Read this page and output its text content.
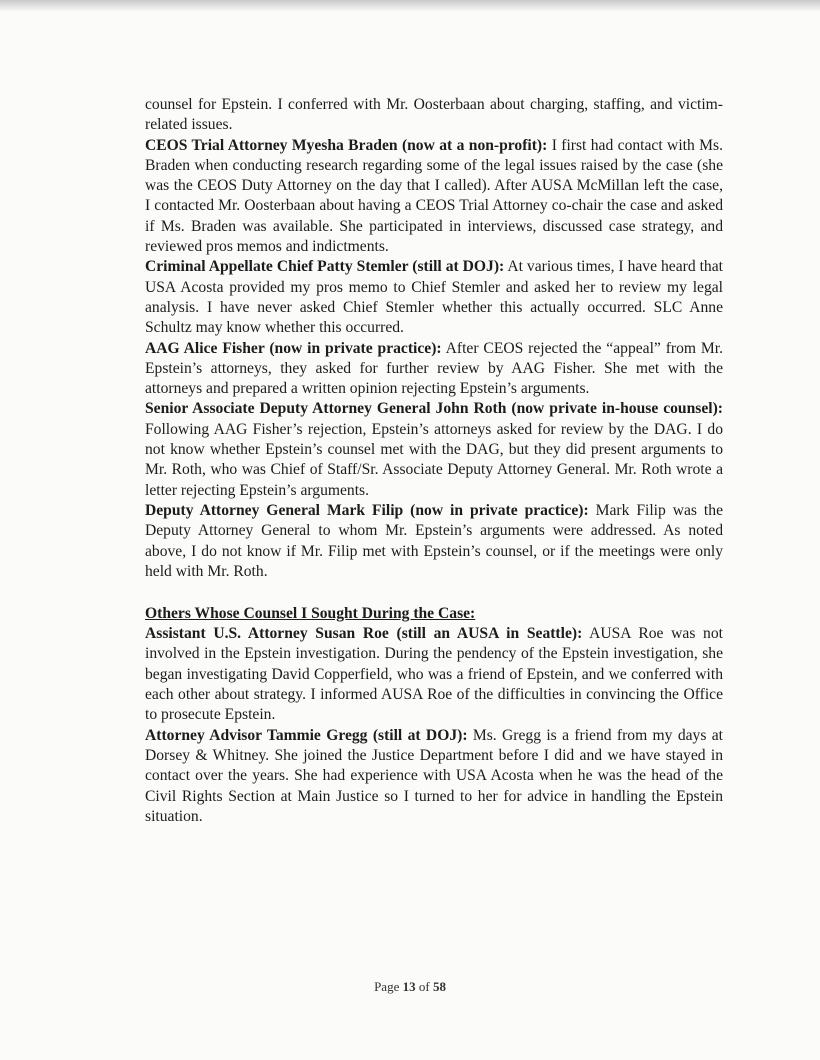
counsel for Epstein. I conferred with Mr. Oosterbaan about charging, staffing, and victim-related issues.

CEOS Trial Attorney Myesha Braden (now at a non-profit): I first had contact with Ms. Braden when conducting research regarding some of the legal issues raised by the case (she was the CEOS Duty Attorney on the day that I called). After AUSA McMillan left the case, I contacted Mr. Oosterbaan about having a CEOS Trial Attorney co-chair the case and asked if Ms. Braden was available. She participated in interviews, discussed case strategy, and reviewed pros memos and indictments.

Criminal Appellate Chief Patty Stemler (still at DOJ): At various times, I have heard that USA Acosta provided my pros memo to Chief Stemler and asked her to review my legal analysis. I have never asked Chief Stemler whether this actually occurred. SLC Anne Schultz may know whether this occurred.

AAG Alice Fisher (now in private practice): After CEOS rejected the “appeal” from Mr. Epstein’s attorneys, they asked for further review by AAG Fisher. She met with the attorneys and prepared a written opinion rejecting Epstein’s arguments.

Senior Associate Deputy Attorney General John Roth (now private in-house counsel): Following AAG Fisher’s rejection, Epstein’s attorneys asked for review by the DAG. I do not know whether Epstein’s counsel met with the DAG, but they did present arguments to Mr. Roth, who was Chief of Staff/Sr. Associate Deputy Attorney General. Mr. Roth wrote a letter rejecting Epstein’s arguments.

Deputy Attorney General Mark Filip (now in private practice): Mark Filip was the Deputy Attorney General to whom Mr. Epstein’s arguments were addressed. As noted above, I do not know if Mr. Filip met with Epstein’s counsel, or if the meetings were only held with Mr. Roth.

Others Whose Counsel I Sought During the Case:

Assistant U.S. Attorney Susan Roe (still an AUSA in Seattle): AUSA Roe was not involved in the Epstein investigation. During the pendency of the Epstein investigation, she began investigating David Copperfield, who was a friend of Epstein, and we conferred with each other about strategy. I informed AUSA Roe of the difficulties in convincing the Office to prosecute Epstein.

Attorney Advisor Tammie Gregg (still at DOJ): Ms. Gregg is a friend from my days at Dorsey & Whitney. She joined the Justice Department before I did and we have stayed in contact over the years. She had experience with USA Acosta when he was the head of the Civil Rights Section at Main Justice so I turned to her for advice in handling the Epstein situation.

Page 13 of 58
